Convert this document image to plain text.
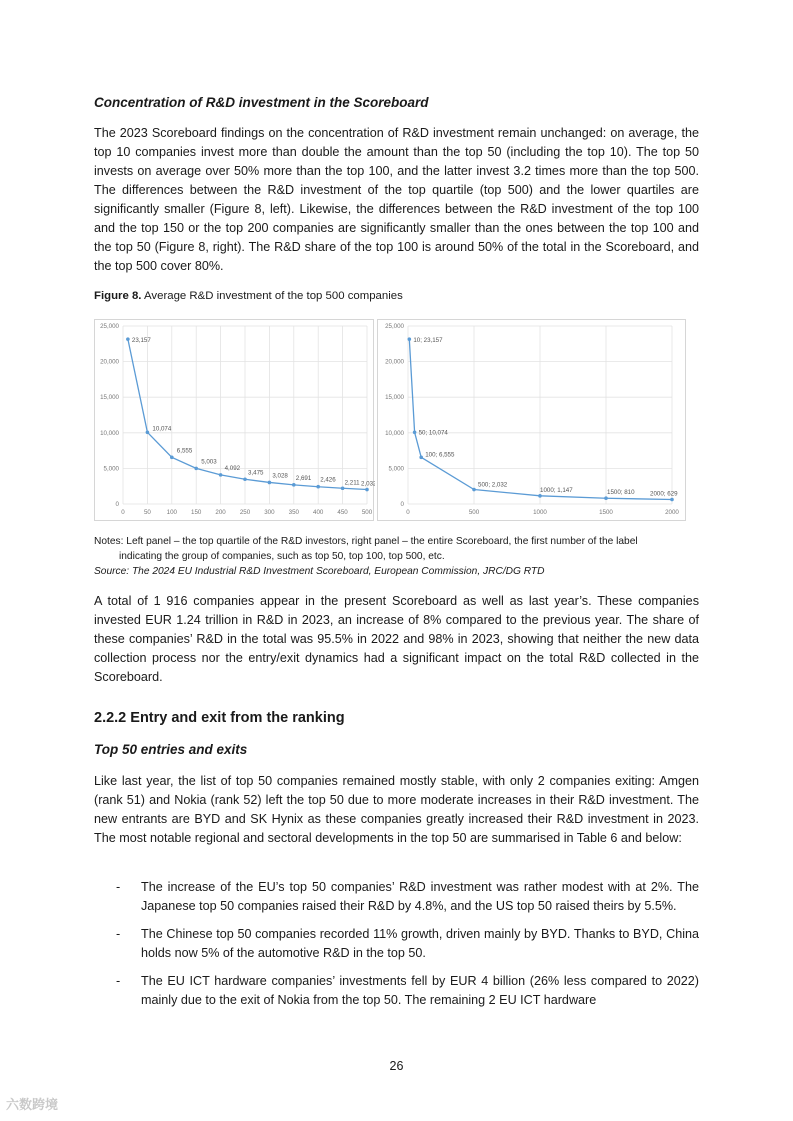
Concentration of R&D investment in the Scoreboard

The 2023 Scoreboard findings on the concentration of R&D investment remain unchanged: on average, the top 10 companies invest more than double the amount than the top 50 (including the top 10). The top 50 invests on average over 50% more than the top 100, and the latter invest 3.2 times more than the top 500. The differences between the R&D investment of the top quartile (top 500) and the lower quartiles are significantly smaller (Figure 8, left). Likewise, the differences between the R&D investment of the top 100 and the top 150 or the top 200 companies are significantly smaller than the ones between the top 100 and the top 50 (Figure 8, right). The R&D share of the top 100 is around 50% of the total in the Scoreboard, and the top 500 cover 80%.

Figure 8. Average R&D investment of the top 500 companies
0
5,000
10,000
15,000
20,000
25,000
0	50	100 150 200 250 300 350 400 450 500
23,157
10,074
6,555
5,003
4,092
3,475 3,028 2,691 2,426 2,211 2,032
0
5,000
10,000
15,000
20,000
25,000
0	500	1000	1500	2000
10; 23,157
50; 10,074
100; 6,555
500; 2,032
1000; 1,147	1500; 810 2000; 629
Notes: Left panel – the top quartile of the R&D investors, right panel – the entire Scoreboard, the first number of the label
indicating the group of companies, such as top 50, top 100, top 500, etc.
Source: The 2024 EU Industrial R&D Investment Scoreboard, European Commission, JRC/DG RTD

A total of 1 916 companies appear in the present Scoreboard as well as last year’s. These companies invested EUR 1.24 trillion in R&D in 2023, an increase of 8% compared to the previous year. The share of these companies’ R&D in the total was 95.5% in 2022 and 98% in 2023, showing that neither the new data collection process nor the entry/exit dynamics had a significant impact on the total R&D collected in the Scoreboard.

2.2.2 Entry and exit from the ranking
Top 50 entries and exits

Like last year, the list of top 50 companies remained mostly stable, with only 2 companies exiting: Amgen (rank 51) and Nokia (rank 52) left the top 50 due to more moderate increases in their R&D investment. The new entrants are BYD and SK Hynix as these companies greatly increased their R&D investment in 2023. The most notable regional and sectoral developments in the top 50 are summarised in Table 6 and below:

- The increase of the EU’s top 50 companies’ R&D investment was rather modest with at 2%. The Japanese top 50 companies raised their R&D by 4.8%, and the US top 50 raised theirs by 5.5%.
- The Chinese top 50 companies recorded 11% growth, driven mainly by BYD. Thanks to BYD, China holds now 5% of the automotive R&D in the top 50.
- The EU ICT hardware companies’ investments fell by EUR 4 billion (26% less compared to 2022) mainly due to the exit of Nokia from the top 50. The remaining 2 EU ICT hardware
26
六数跨境
